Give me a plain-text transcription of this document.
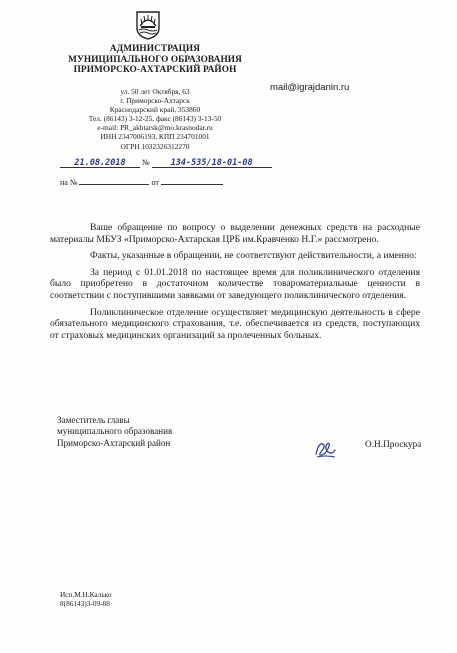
АДМИНИСТРАЦИЯ
МУНИЦИПАЛЬНОГО ОБРАЗОВАНИЯ
ПРИМОРСКО-АХТАРСКИЙ РАЙОН
ул. 50 лет Октября, 63
г. Приморско-Ахтарск
Краснодарский край, 353860
Тел. (86143) 3-12-25, факс (86143) 3-13-50
e-mail: PR_akhtarsk@mo.krasnodar.ru
ИНН 2347006193, КПП 234701001
ОГРН 1032326312270
mail@igrajdanin.ru
21.08.2018 № 134-535/18-01-08
на №	от

Ваше обращение по вопросу о выделении денежных средств на расходные материалы МБУЗ «Приморско-Ахтарская ЦРБ им.Кравченко Н.Г.» рассмотрено.

Факты, указанные в обращении, не соответствуют действительности, а именно:

За период с 01.01.2018 по настоящее время для поликлинического отделения было приобретено в достаточном количестве товароматериальные ценности в соответствии с поступившими заявками от заведующего поликлинического отделения.

Поликлиническое отделение осуществляет медицинскую деятельность в сфере обязательного медицинского страхования, т.е. обеспечивается из средств, поступающих от страховых медицинских организаций за пролеченных больных.

Заместитель главы
муниципального образования
Приморско-Ахтарский район	О.Н.Проскура
Исп.М.Н.Калько
8(86143)3-09-88
